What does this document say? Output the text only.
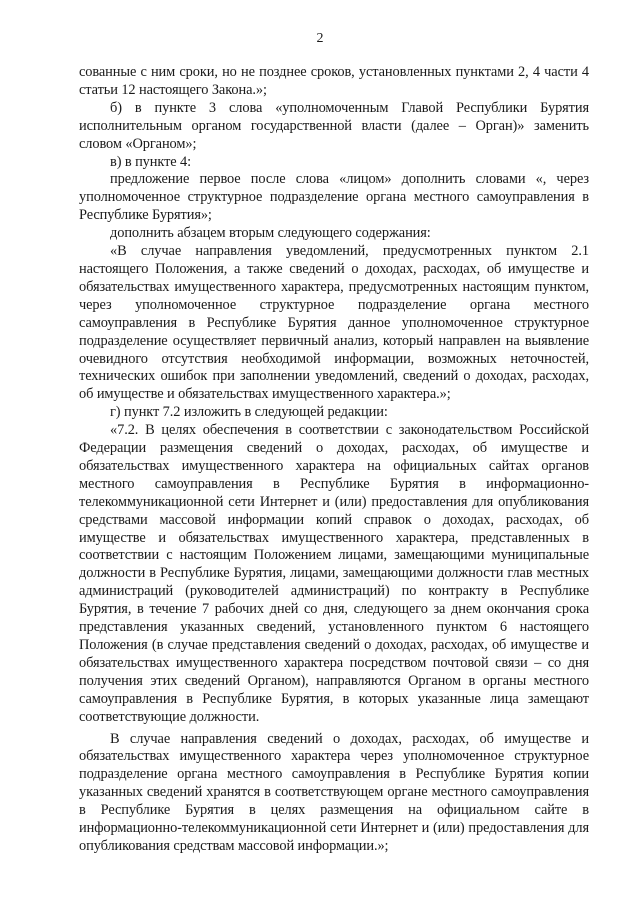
2

сованные с ним сроки, но не позднее сроков, установленных пунктами 2, 4 части 4 статьи 12 настоящего Закона.»;

б) в пункте 3 слова «уполномоченным Главой Республики Бурятия исполнительным органом государственной власти (далее – Орган)» заменить словом «Органом»;

в) в пункте 4:

предложение первое после слова «лицом» дополнить словами «, через уполномоченное структурное подразделение органа местного самоуправления в Республике Бурятия»;

дополнить абзацем вторым следующего содержания:

«В случае направления уведомлений, предусмотренных пунктом 2.1 настоящего Положения, а также сведений о доходах, расходах, об имуществе и обязательствах имущественного характера, предусмотренных настоящим пунктом, через уполномоченное структурное подразделение органа местного самоуправления в Республике Бурятия данное уполномоченное структурное подразделение осуществляет первичный анализ, который направлен на выявление очевидного отсутствия необходимой информации, возможных неточностей, технических ошибок при заполнении уведомлений, сведений о доходах, расходах, об имуществе и обязательствах имущественного характера.»;

г) пункт 7.2 изложить в следующей редакции:

«7.2. В целях обеспечения в соответствии с законодательством Российской Федерации размещения сведений о доходах, расходах, об имуществе и обязательствах имущественного характера на официальных сайтах органов местного самоуправления в Республике Бурятия в информационно-телекоммуникационной сети Интернет и (или) предоставления для опубликования средствами массовой информации копий справок о доходах, расходах, об имуществе и обязательствах имущественного характера, представленных в соответствии с настоящим Положением лицами, замещающими муниципальные должности в Республике Бурятия, лицами, замещающими должности глав местных администраций (руководителей администраций) по контракту в Республике Бурятия, в течение 7 рабочих дней со дня, следующего за днем окончания срока представления указанных сведений, установленного пунктом 6 настоящего Положения (в случае представления сведений о доходах, расходах, об имуществе и обязательствах имущественного характера посредством почтовой связи – со дня получения этих сведений Органом), направляются Органом в органы местного самоуправления в Республике Бурятия, в которых указанные лица замещают соответствующие должности.

В случае направления сведений о доходах, расходах, об имуществе и обязательствах имущественного характера через уполномоченное структурное подразделение органа местного самоуправления в Республике Бурятия копии указанных сведений хранятся в соответствующем органе местного самоуправления в Республике Бурятия в целях размещения на официальном сайте в информационно-телекоммуникационной сети Интернет и (или) предоставления для опубликования средствам массовой информации.»;
